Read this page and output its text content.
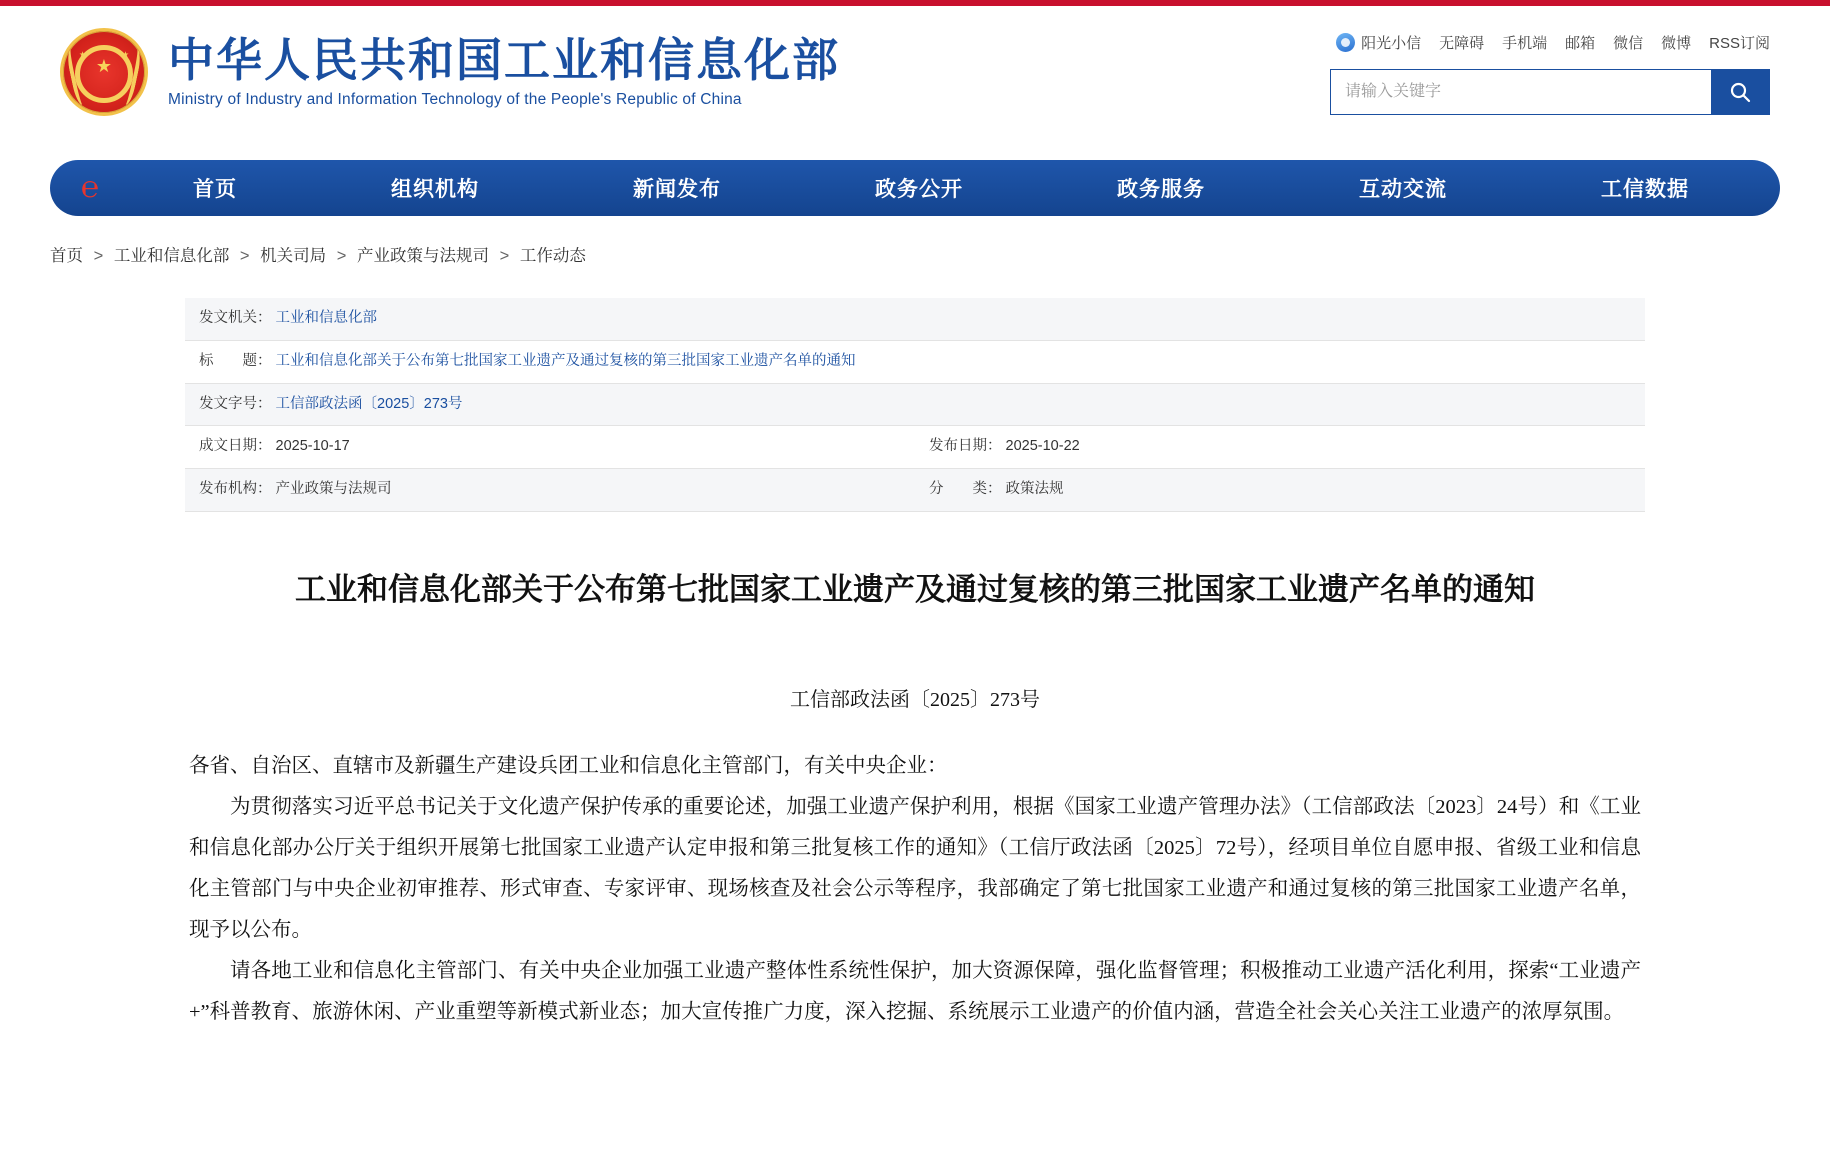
★
★	★ 中华人民共和国工业和信息化部
Ministry of Industry and Information Technology of the People's Republic of China
阳光小信 无障碍 手机端 邮箱 微信 微博 RSS订阅
请输入关键字
℮	首页	组织机构	新闻发布	政务公开	政务服务	互动交流	工信数据
首页 > 工业和信息化部 > 机关司局 > 产业政策与法规司 > 工作动态
发文机关： 工业和信息化部	
标　　题： 工业和信息化部关于公布第七批国家工业遗产及通过复核的第三批国家工业遗产名单的通知	
发文字号： 工信部政法函〔2025〕273号	
成文日期： 2025-10-17	发布日期： 2025-10-22
发布机构： 产业政策与法规司	分　　类： 政策法规
工业和信息化部关于公布第七批国家工业遗产及通过复核的第三批国家工业遗产名单的通知
工信部政法函〔2025〕273号

各省、自治区、直辖市及新疆生产建设兵团工业和信息化主管部门，有关中央企业：

为贯彻落实习近平总书记关于文化遗产保护传承的重要论述，加强工业遗产保护利用，根据《国家工业遗产管理办法》（工信部政法〔2023〕24号）和《工业和信息化部办公厅关于组织开展第七批国家工业遗产认定申报和第三批复核工作的通知》（工信厅政法函〔2025〕72号），经项目单位自愿申报、省级工业和信息化主管部门与中央企业初审推荐、形式审查、专家评审、现场核查及社会公示等程序，我部确定了第七批国家工业遗产和通过复核的第三批国家工业遗产名单，现予以公布。

请各地工业和信息化主管部门、有关中央企业加强工业遗产整体性系统性保护，加大资源保障，强化监督管理；积极推动工业遗产活化利用，探索“工业遗产+”科普教育、旅游休闲、产业重塑等新模式新业态；加大宣传推广力度，深入挖掘、系统展示工业遗产的价值内涵，营造全社会关心关注工业遗产的浓厚氛围。
